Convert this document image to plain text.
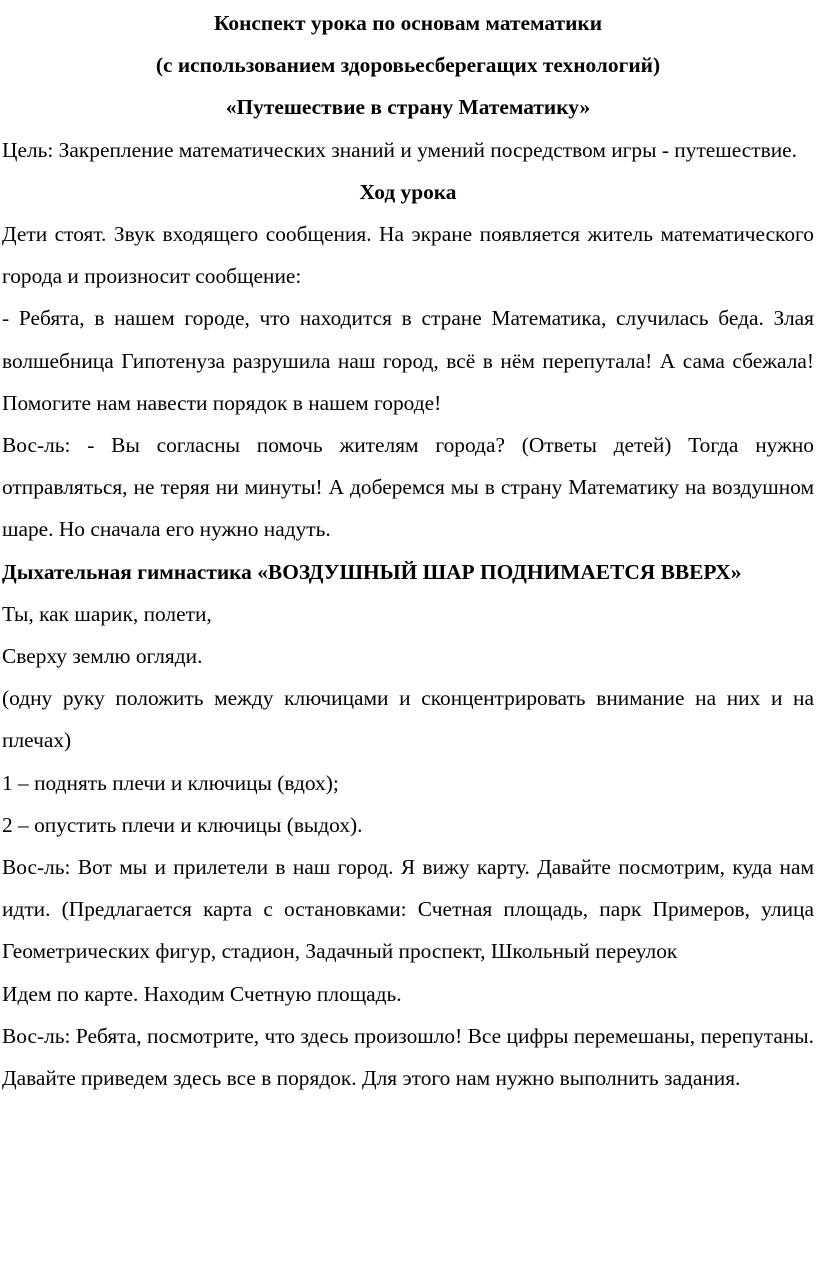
Конспект урока по основам математики

(с использованием здоровьесберегащих технологий)

«Путешествие в страну Математику»

Цель: Закрепление математических знаний и умений посредством игры - путешествие.

Ход урока

Дети стоят. Звук входящего сообщения. На экране появляется житель математического города и произносит сообщение:

- Ребята, в нашем городе, что находится в стране Математика, случилась беда. Злая волшебница Гипотенуза разрушила наш город, всё в нём перепутала! А сама сбежала! Помогите нам навести порядок в нашем городе!

Вос-ль: - Вы согласны помочь жителям города? (Ответы детей) Тогда нужно отправляться, не теряя ни минуты! А доберемся мы в страну Математику на воздушном шаре. Но сначала его нужно надуть.

Дыхательная гимнастика «ВОЗДУШНЫЙ ШАР ПОДНИМАЕТСЯ ВВЕРХ»

Ты, как шарик, полети,

Сверху землю огляди.

(одну руку положить между ключицами и сконцентрировать внимание на них и на плечах)

1 – поднять плечи и ключицы (вдох);

2 – опустить плечи и ключицы (выдох).

Вос-ль: Вот мы и прилетели в наш город. Я вижу карту. Давайте посмотрим, куда нам идти. (Предлагается карта с остановками: Счетная площадь, парк Примеров, улица Геометрических фигур, стадион, Задачный проспект, Школьный переулок

Идем по карте. Находим Счетную площадь.

Вос-ль: Ребята, посмотрите, что здесь произошло! Все цифры перемешаны, перепутаны. Давайте приведем здесь все в порядок. Для этого нам нужно выполнить задания.
